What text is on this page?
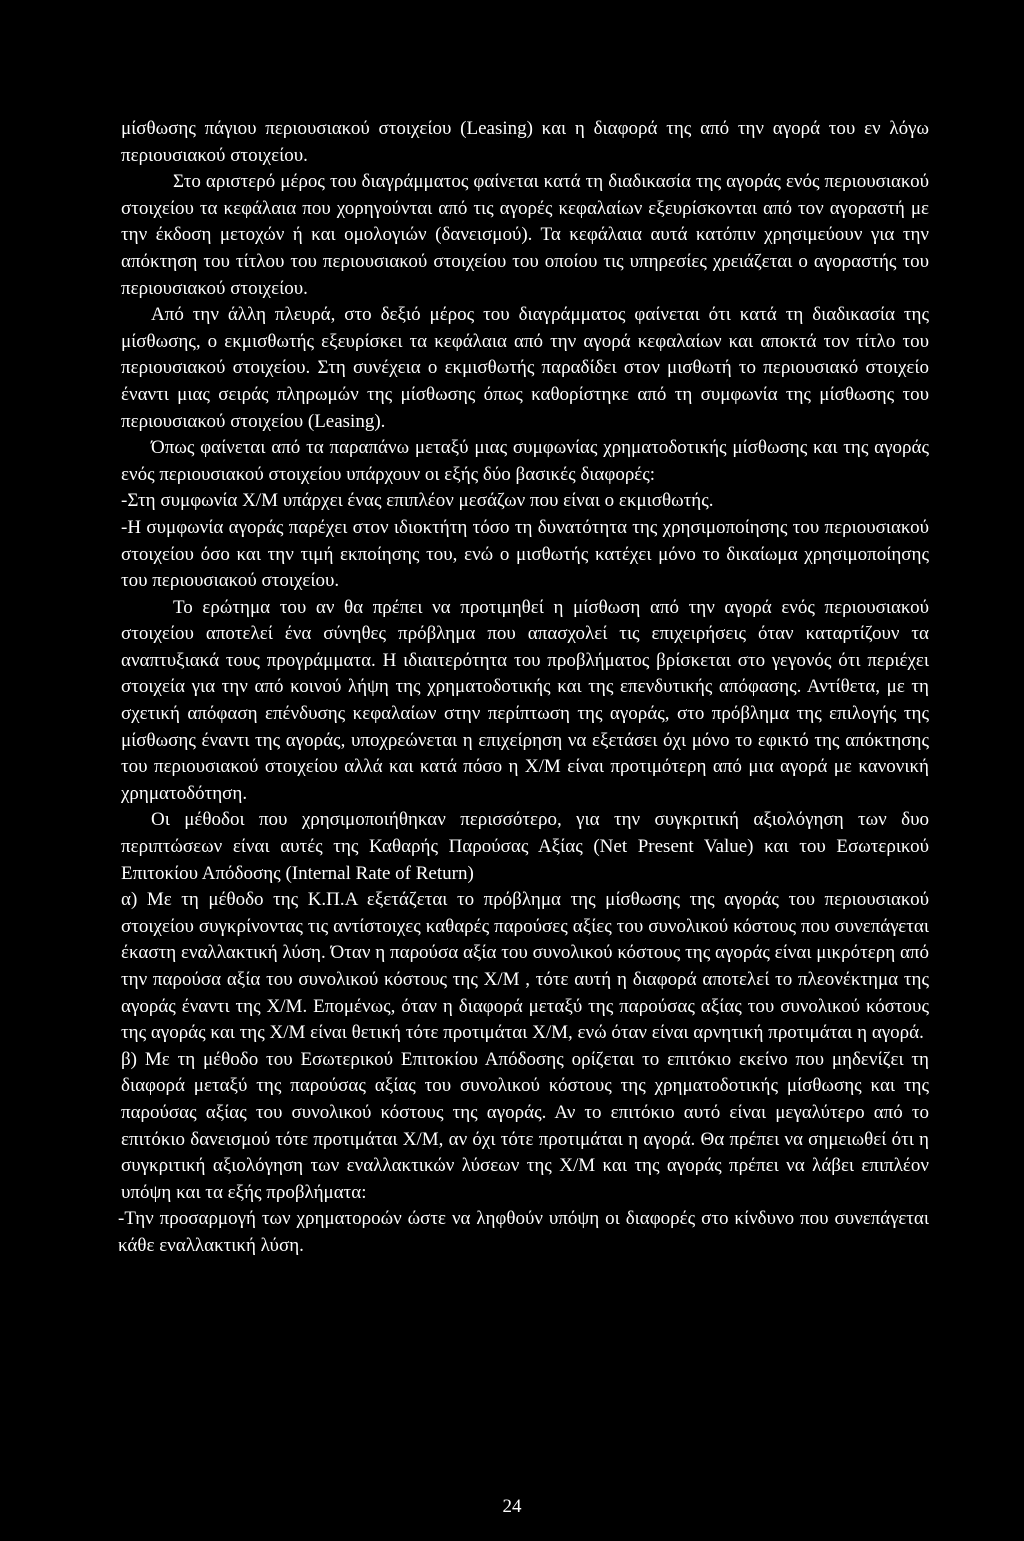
μίσθωσης πάγιου περιουσιακού στοιχείου (Leasing) και η διαφορά της από την αγορά του εν λόγω περιουσιακού στοιχείου.

Στο αριστερό μέρος του διαγράμματος φαίνεται κατά τη διαδικασία της αγοράς ενός περιουσιακού στοιχείου τα κεφάλαια που χορηγούνται από τις αγορές κεφαλαίων εξευρίσκονται από τον αγοραστή με την έκδοση μετοχών ή και ομολογιών (δανεισμού). Τα κεφάλαια αυτά κατόπιν χρησιμεύουν για την απόκτηση του τίτλου του περιουσιακού στοιχείου του οποίου τις υπηρεσίες χρειάζεται ο αγοραστής του περιουσιακού στοιχείου.

Από την άλλη πλευρά, στο δεξιό μέρος του διαγράμματος φαίνεται ότι κατά τη διαδικασία της μίσθωσης, ο εκμισθωτής εξευρίσκει τα κεφάλαια από την αγορά κεφαλαίων και αποκτά τον τίτλο του περιουσιακού στοιχείου. Στη συνέχεια ο εκμισθωτής παραδίδει στον μισθωτή το περιουσιακό στοιχείο έναντι μιας σειράς πληρωμών της μίσθωσης όπως καθορίστηκε από τη συμφωνία της μίσθωσης του περιουσιακού στοιχείου (Leasing).

Όπως φαίνεται από τα παραπάνω μεταξύ μιας συμφωνίας χρηματοδοτικής μίσθωσης και της αγοράς ενός περιουσιακού στοιχείου υπάρχουν οι εξής δύο βασικές διαφορές:

-Στη συμφωνία Χ/Μ υπάρχει ένας επιπλέον μεσάζων που είναι ο εκμισθωτής.

-Η συμφωνία αγοράς παρέχει στον ιδιοκτήτη τόσο τη δυνατότητα της χρησιμοποίησης του περιουσιακού στοιχείου όσο και την τιμή εκποίησης του, ενώ ο μισθωτής κατέχει μόνο το δικαίωμα χρησιμοποίησης του περιουσιακού στοιχείου.

Το ερώτημα του αν θα πρέπει να προτιμηθεί η μίσθωση από την αγορά ενός περιουσιακού στοιχείου αποτελεί ένα σύνηθες πρόβλημα που απασχολεί τις επιχειρήσεις όταν καταρτίζουν τα αναπτυξιακά τους προγράμματα. Η ιδιαιτερότητα του προβλήματος βρίσκεται στο γεγονός ότι περιέχει στοιχεία για την από κοινού λήψη της χρηματοδοτικής και της επενδυτικής απόφασης. Αντίθετα, με τη σχετική απόφαση επένδυσης κεφαλαίων στην περίπτωση της αγοράς, στο πρόβλημα της επιλογής της μίσθωσης έναντι της αγοράς, υποχρεώνεται η επιχείρηση να εξετάσει όχι μόνο το εφικτό της απόκτησης του περιουσιακού στοιχείου αλλά και κατά πόσο η Χ/Μ είναι προτιμότερη από μια αγορά με κανονική χρηματοδότηση.

Οι μέθοδοι που χρησιμοποιήθηκαν περισσότερο, για την συγκριτική αξιολόγηση των δυο περιπτώσεων είναι αυτές της Καθαρής Παρούσας Αξίας (Net Present Value) και του Εσωτερικού Επιτοκίου Απόδοσης (Internal Rate of Return)

α) Με τη μέθοδο της Κ.Π.Α εξετάζεται το πρόβλημα της μίσθωσης της αγοράς του περιουσιακού στοιχείου συγκρίνοντας τις αντίστοιχες καθαρές παρούσες αξίες του συνολικού κόστους που συνεπάγεται έκαστη εναλλακτική λύση. Όταν η παρούσα αξία του συνολικού κόστους της αγοράς είναι μικρότερη από την παρούσα αξία του συνολικού κόστους της Χ/Μ , τότε αυτή η διαφορά αποτελεί το πλεονέκτημα της αγοράς έναντι της Χ/Μ. Επομένως, όταν η διαφορά μεταξύ της παρούσας αξίας του συνολικού κόστους της αγοράς και της Χ/Μ είναι θετική τότε προτιμάται Χ/Μ, ενώ όταν είναι αρνητική προτιμάται η αγορά.

β) Με τη μέθοδο του Εσωτερικού Επιτοκίου Απόδοσης ορίζεται το επιτόκιο εκείνο που μηδενίζει τη διαφορά μεταξύ της παρούσας αξίας του συνολικού κόστους της χρηματοδοτικής μίσθωσης και της παρούσας αξίας του συνολικού κόστους της αγοράς. Αν το επιτόκιο αυτό είναι μεγαλύτερο από το επιτόκιο δανεισμού τότε προτιμάται Χ/Μ, αν όχι τότε προτιμάται η αγορά. Θα πρέπει να σημειωθεί ότι η συγκριτική αξιολόγηση των εναλλακτικών λύσεων της Χ/Μ και της αγοράς πρέπει να λάβει επιπλέον υπόψη και τα εξής προβλήματα:

-Την προσαρμογή των χρηματοροών ώστε να ληφθούν υπόψη οι διαφορές στο κίνδυνο που συνεπάγεται κάθε εναλλακτική λύση.

24
